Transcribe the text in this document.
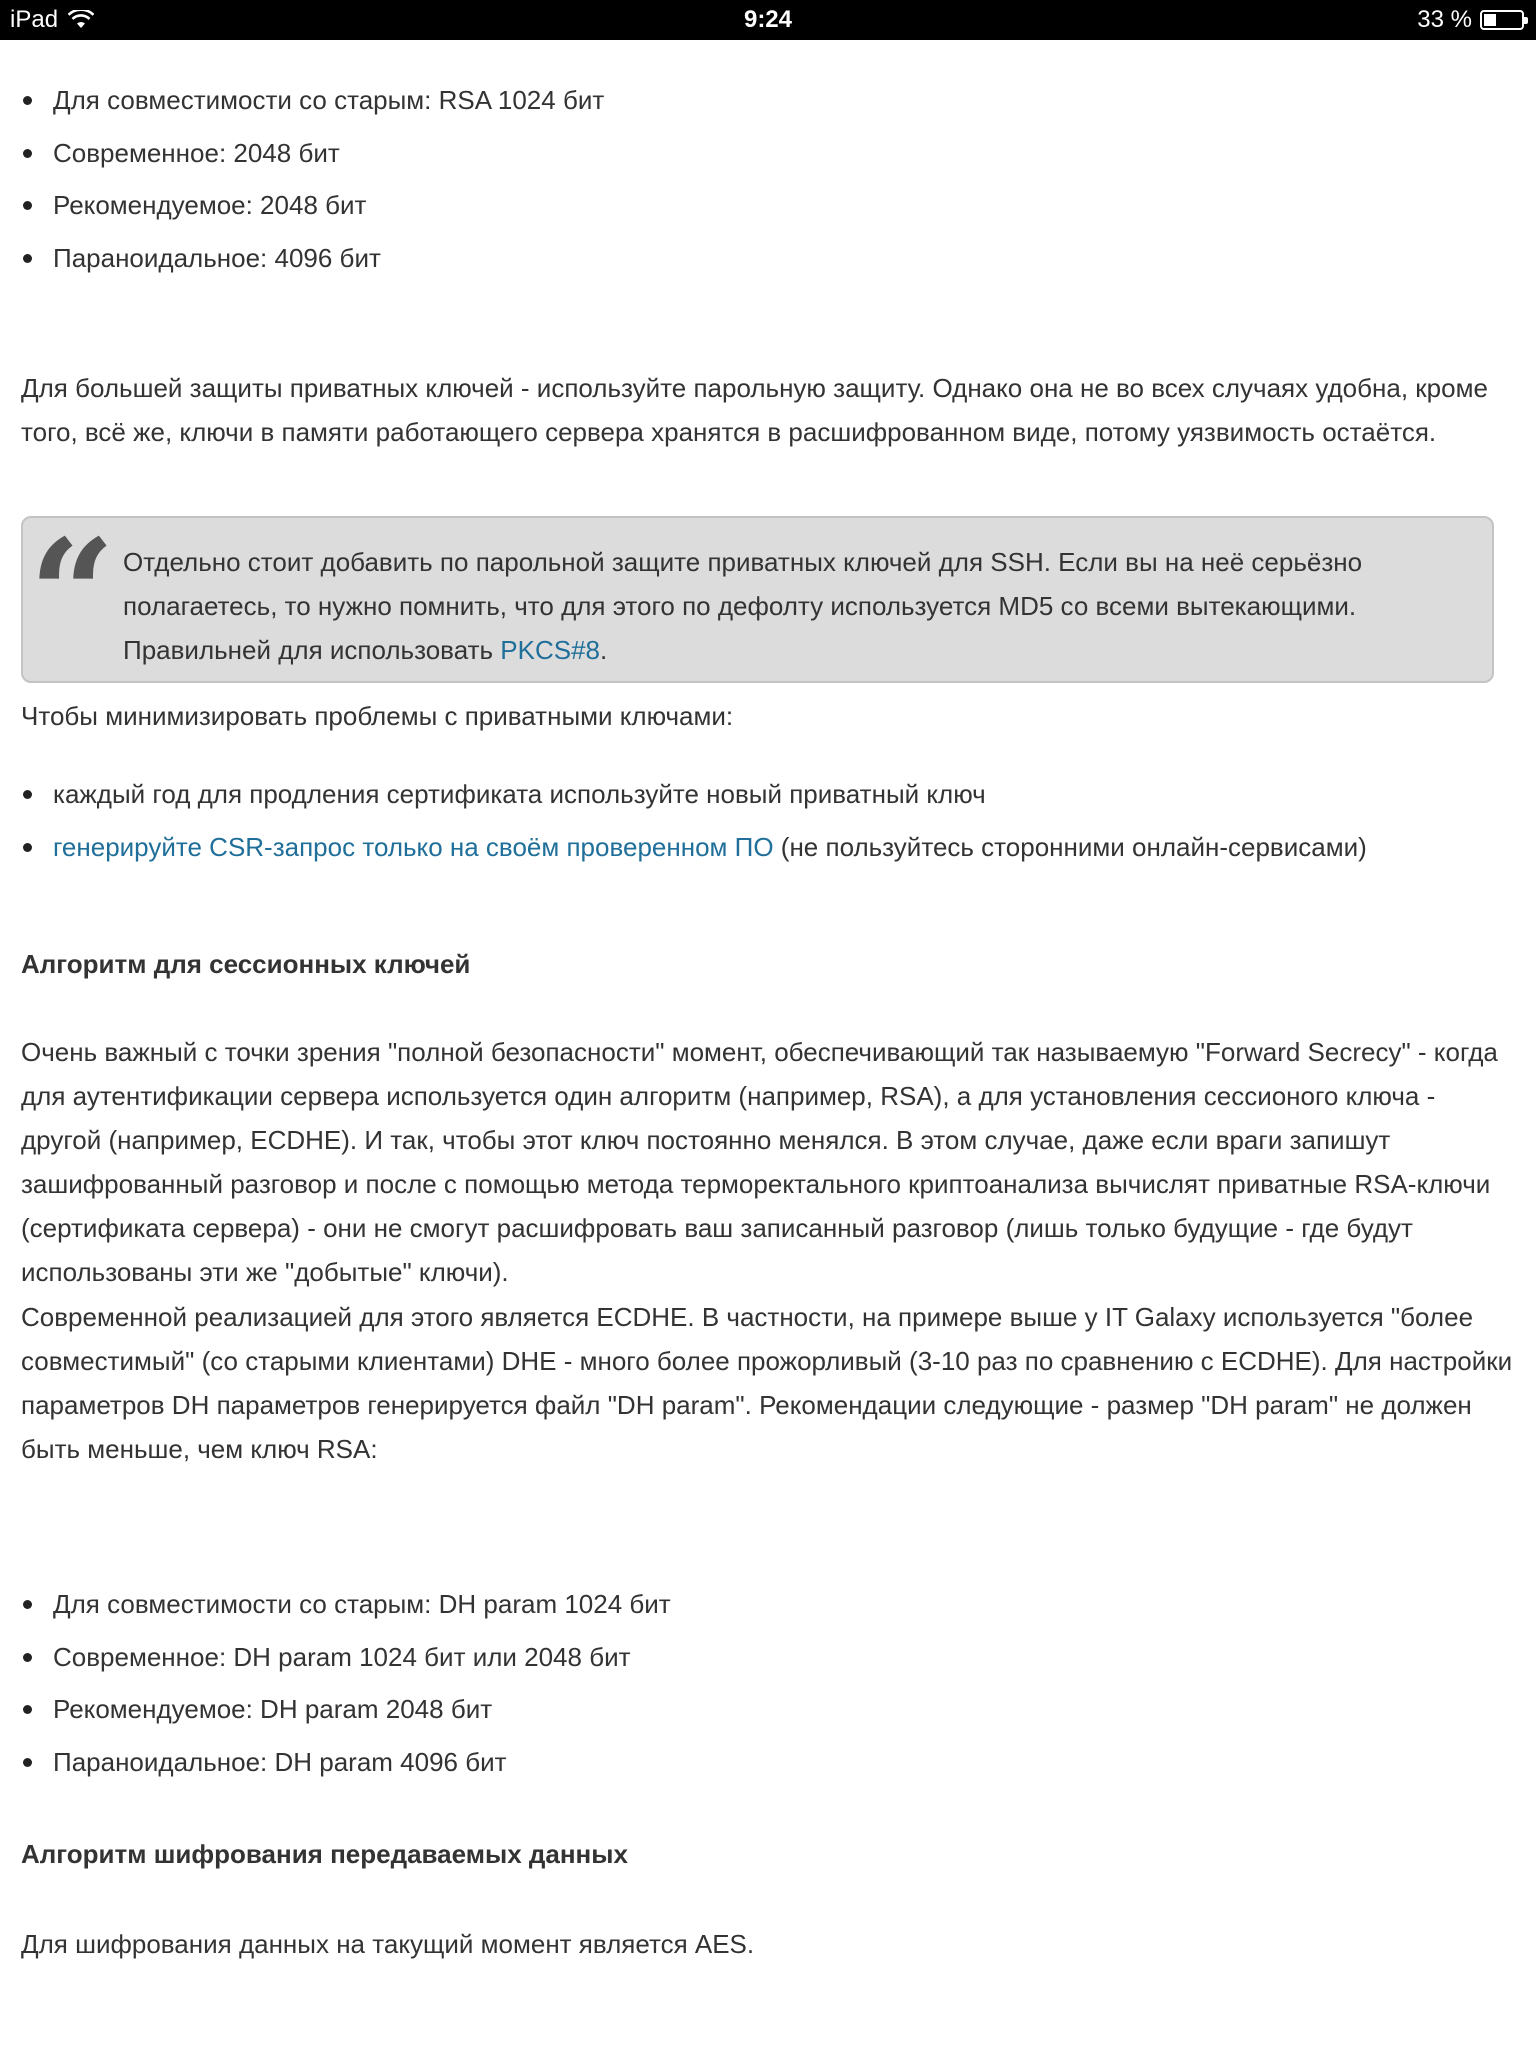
iPad	9:24	33 %
Для совместимости со старым: RSA 1024 бит
Современное: 2048 бит
Рекомендуемое: 2048 бит
Параноидальное: 4096 бит

Для большей защиты приватных ключей - используйте парольную защиту. Однако она не во всех случаях удобна, кроме того, всё же, ключи в памяти работающего сервера хранятся в расшифрованном виде, потому уязвимость остаётся.

“ Отдельно стоит добавить по парольной защите приватных ключей для SSH. Если вы на неё серьёзно полагаетесь, то нужно помнить, что для этого по дефолту используется MD5 со всеми вытекающими. Правильней для использовать PKCS#8.

Чтобы минимизировать проблемы с приватными ключами:

каждый год для продления сертификата используйте новый приватный ключ
генерируйте CSR-запрос только на своём проверенном ПО (не пользуйтесь сторонними онлайн-сервисами)
Алгоритм для сессионных ключей

Очень важный с точки зрения "полной безопасности" момент, обеспечивающий так называемую "Forward Secrecy" - когда для аутентификации сервера используется один алгоритм (например, RSA), а для установления сессионого ключа - другой (например, ECDHE). И так, чтобы этот ключ постоянно менялся. В этом случае, даже если враги запишут зашифрованный разговор и после с помощью метода терморектального криптоанализа вычислят приватные RSA-ключи (сертификата сервера) - они не смогут расшифровать ваш записанный разговор (лишь только будущие - где будут использованы эти же "добытые" ключи).

Современной реализацией для этого является ECDHE. В частности, на примере выше у IT Galaxy используется "более совместимый" (со старыми клиентами) DHE - много более прожорливый (3-10 раз по сравнению с ECDHE). Для настройки параметров DH параметров генерируется файл "DH param". Рекомендации следующие - размер "DH param" не должен быть меньше, чем ключ RSA:

Для совместимости со старым: DH param 1024 бит
Современное: DH param 1024 бит или 2048 бит
Рекомендуемое: DH param 2048 бит
Параноидальное: DH param 4096 бит
Алгоритм шифрования передаваемых данных

Для шифрования данных на такущий момент является AES.
